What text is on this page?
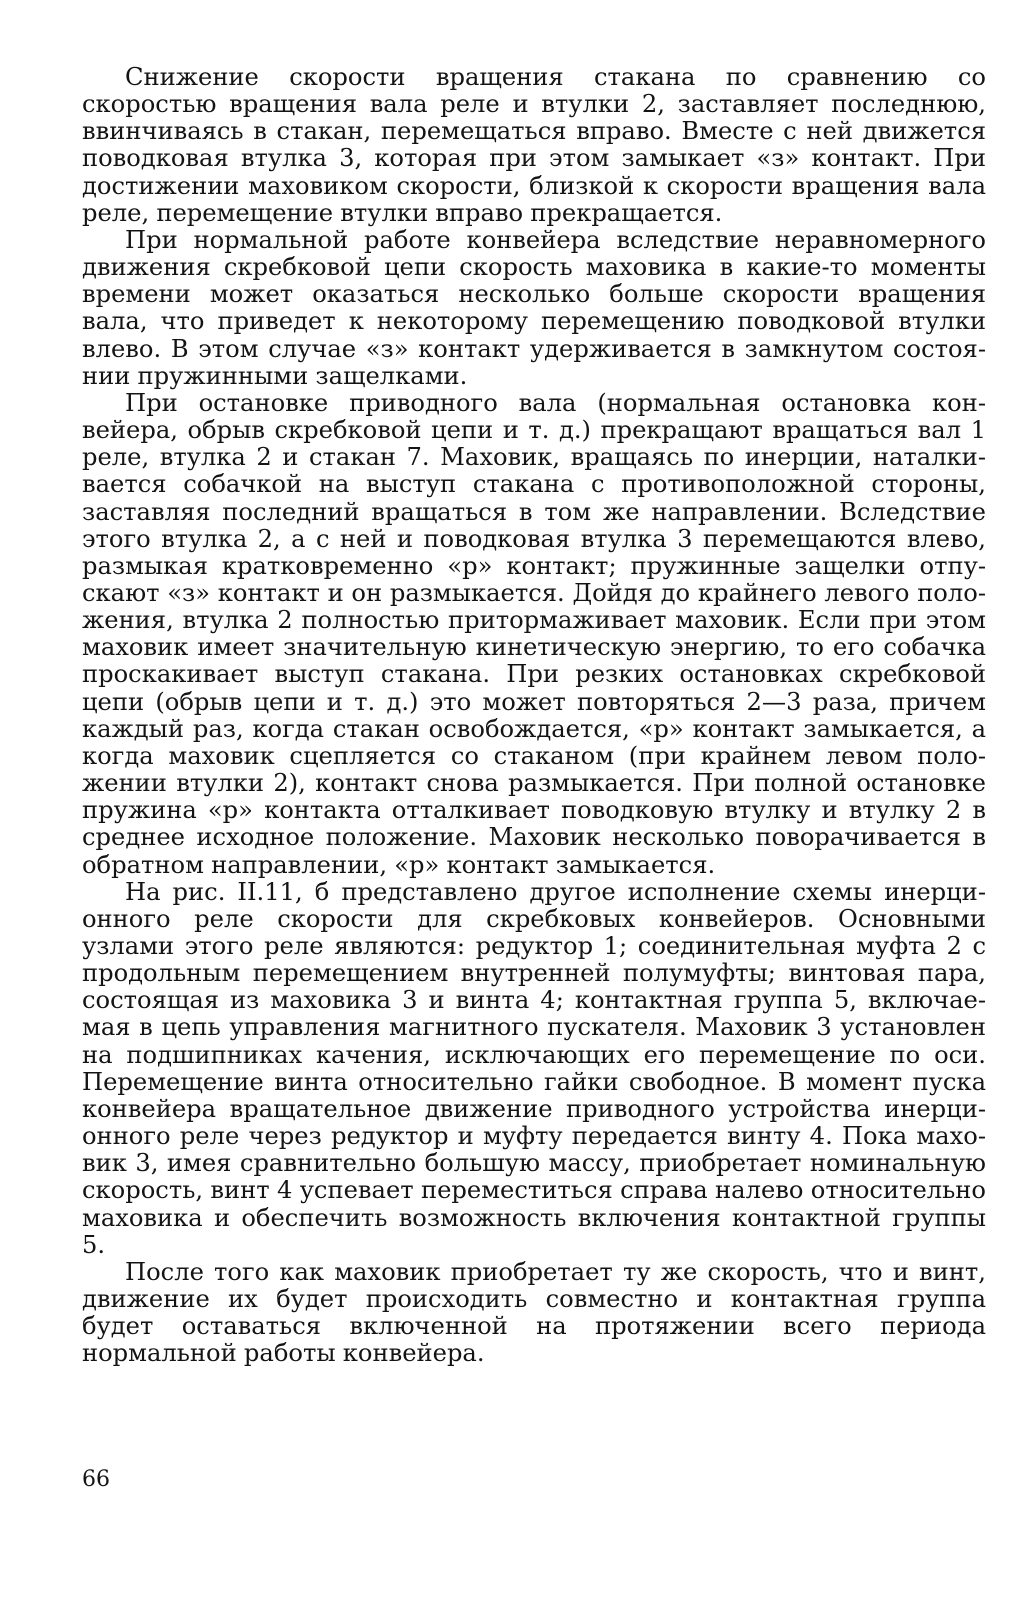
Снижение скорости вращения стакана по сравнению со скоростью вращения вала реле и втулки 2, заставляет последнюю, ввинчиваясь в стакан, перемещаться вправо. Вместе с ней движется поводковая втулка 3, которая при этом замыкает «з» контакт. При достижении маховиком скорости, близкой к скорости вращения вала реле, перемещение втулки вправо прекращается.

При нормальной работе конвейера вследствие неравномерного движения скребковой цепи скорость маховика в какие-то моменты времени может оказаться несколько больше скорости вращения вала, что приведет к некоторому перемещению поводковой втулки влево. В этом случае «з» контакт удерживается в замкнутом состоянии пружинными защелками.

При остановке приводного вала (нормальная остановка конвейера, обрыв скребковой цепи и т. д.) прекращают вращаться вал 1 реле, втулка 2 и стакан 7. Маховик, вращаясь по инерции, наталкивается собачкой на выступ стакана с противоположной стороны, заставляя последний вращаться в том же направлении. Вследствие этого втулка 2, а с ней и поводковая втулка 3 перемещаются влево, размыкая кратковременно «р» контакт; пружинные защелки отпускают «з» контакт и он размыкается. Дойдя до крайнего левого положения, втулка 2 полностью притормаживает маховик. Если при этом маховик имеет значительную кинетическую энергию, то его собачка проскакивает выступ стакана. При резких остановках скребковой цепи (обрыв цепи и т. д.) это может повторяться 2—3 раза, причем каждый раз, когда стакан освобождается, «р» контакт замыкается, а когда маховик сцепляется со стаканом (при крайнем левом положении втулки 2), контакт снова размыкается. При полной остановке пружина «р» контакта отталкивает поводковую втулку и втулку 2 в среднее исходное положение. Маховик несколько поворачивается в обратном направлении, «р» контакт замыкается.

На рис. II.11, б представлено другое исполнение схемы инерционного реле скорости для скребковых конвейеров. Основными узлами этого реле являются: редуктор 1; соединительная муфта 2 с продольным перемещением внутренней полумуфты; винтовая пара, состоящая из маховика 3 и винта 4; контактная группа 5, включаемая в цепь управления магнитного пускателя. Маховик 3 установлен на подшипниках качения, исключающих его перемещение по оси. Перемещение винта относительно гайки свободное. В момент пуска конвейера вращательное движение приводного устройства инерционного реле через редуктор и муфту передается винту 4. Пока маховик 3, имея сравнительно большую массу, приобретает номинальную скорость, винт 4 успевает переместиться справа налево относительно маховика и обеспечить возможность включения контактной группы 5.

После того как маховик приобретает ту же скорость, что и винт, движение их будет происходить совместно и контактная группа будет оставаться включенной на протяжении всего периода нормальной работы конвейера.

66
